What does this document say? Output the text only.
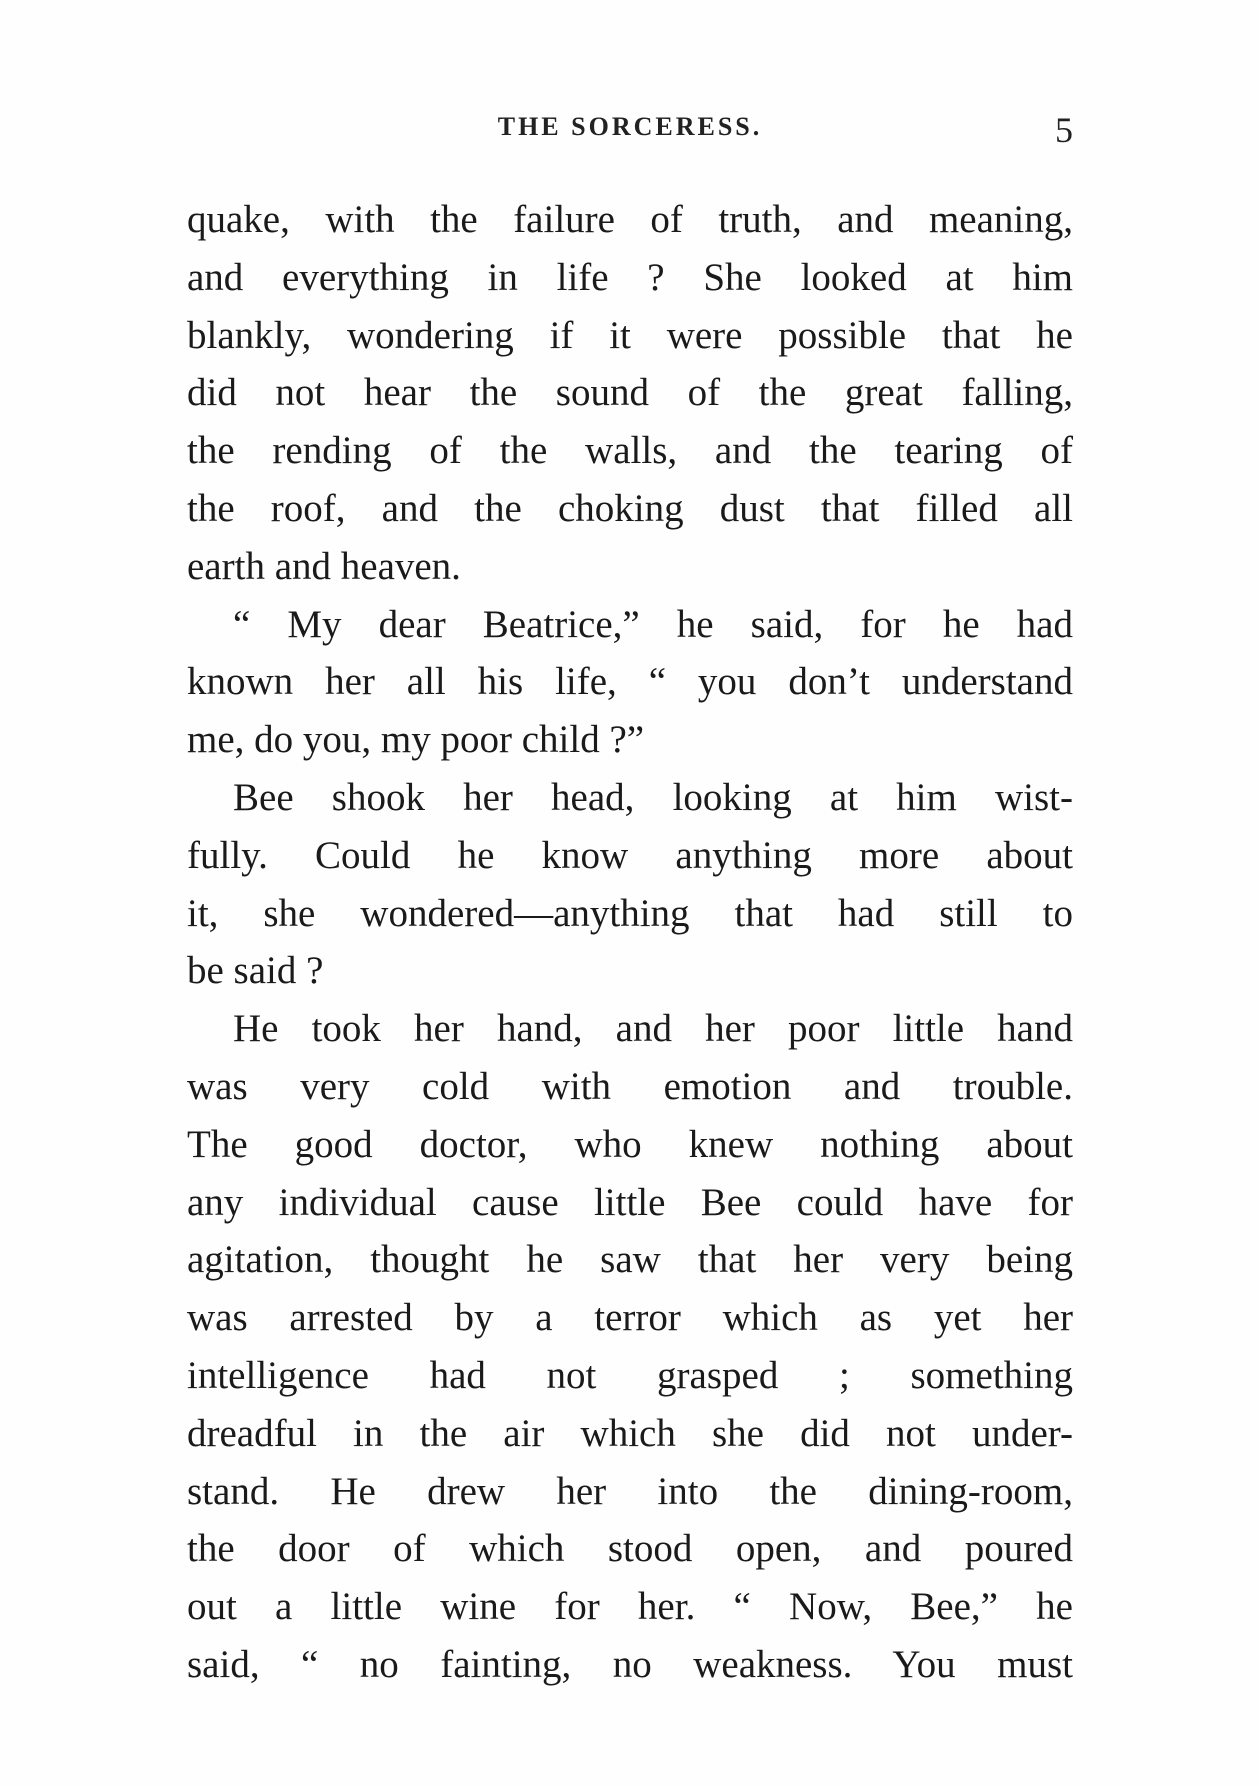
THE SORCERESS.	5

quake, with the failure of truth, and meaning,
and everything in life ? She looked at him
blankly, wondering if it were possible that he
did not hear the sound of the great falling,
the rending of the walls, and the tearing of
the roof, and the choking dust that filled all
earth and heaven.

“ My dear Beatrice,” he said, for he had
known her all his life, “ you don’t understand
me, do you, my poor child ?”

Bee shook her head, looking at him wist-
fully. Could he know anything more about
it, she wondered—anything that had still to
be said ?

He took her hand, and her poor little hand
was very cold with emotion and trouble.
The good doctor, who knew nothing about
any individual cause little Bee could have for
agitation, thought he saw that her very being
was arrested by a terror which as yet her
intelligence had not grasped ; something
dreadful in the air which she did not under-
stand. He drew her into the dining-room,
the door of which stood open, and poured
out a little wine for her. “ Now, Bee,” he
said, “ no fainting, no weakness. You must
